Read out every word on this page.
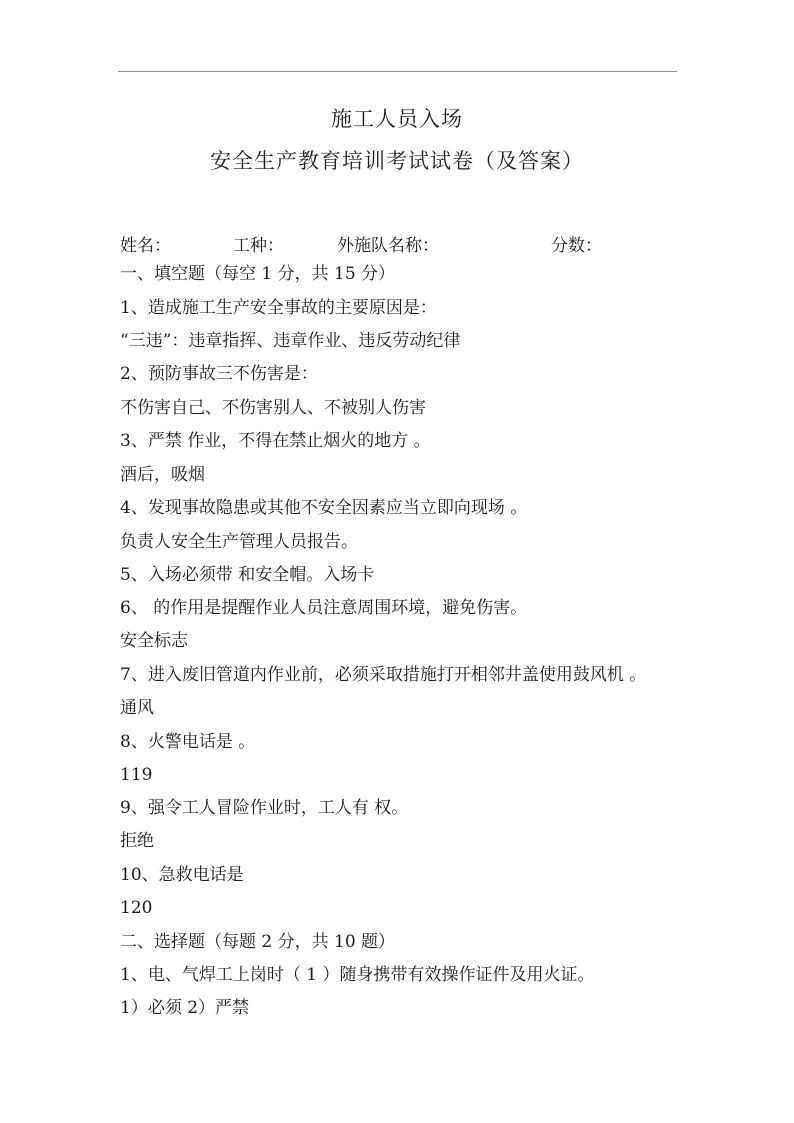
施工人员入场
安全生产教育培训考试试卷（及答案）
姓名：	工种：	外施队名称：	分数：
一、填空题（每空 1 分，共 15 分）
1、造成施工生产安全事故的主要原因是：
“三违”：违章指挥、违章作业、违反劳动纪律
2、预防事故三不伤害是：
不伤害自己、不伤害别人、不被别人伤害
3、严禁 作业，不得在禁止烟火的地方 。
酒后，吸烟
4、发现事故隐患或其他不安全因素应当立即向现场 。
负责人安全生产管理人员报告。
5、入场必须带 和安全帽。入场卡
6、 的作用是提醒作业人员注意周围环境，避免伤害。
安全标志
7、进入废旧管道内作业前，必须采取措施打开相邻井盖使用鼓风机 。
通风
8、火警电话是 。
119
9、强令工人冒险作业时，工人有 权。
拒绝
10、急救电话是
120
二、选择题（每题 2 分，共 10 题）
1、电、气焊工上岗时（ 1 ）随身携带有效操作证件及用火证。
1）必须 2）严禁
